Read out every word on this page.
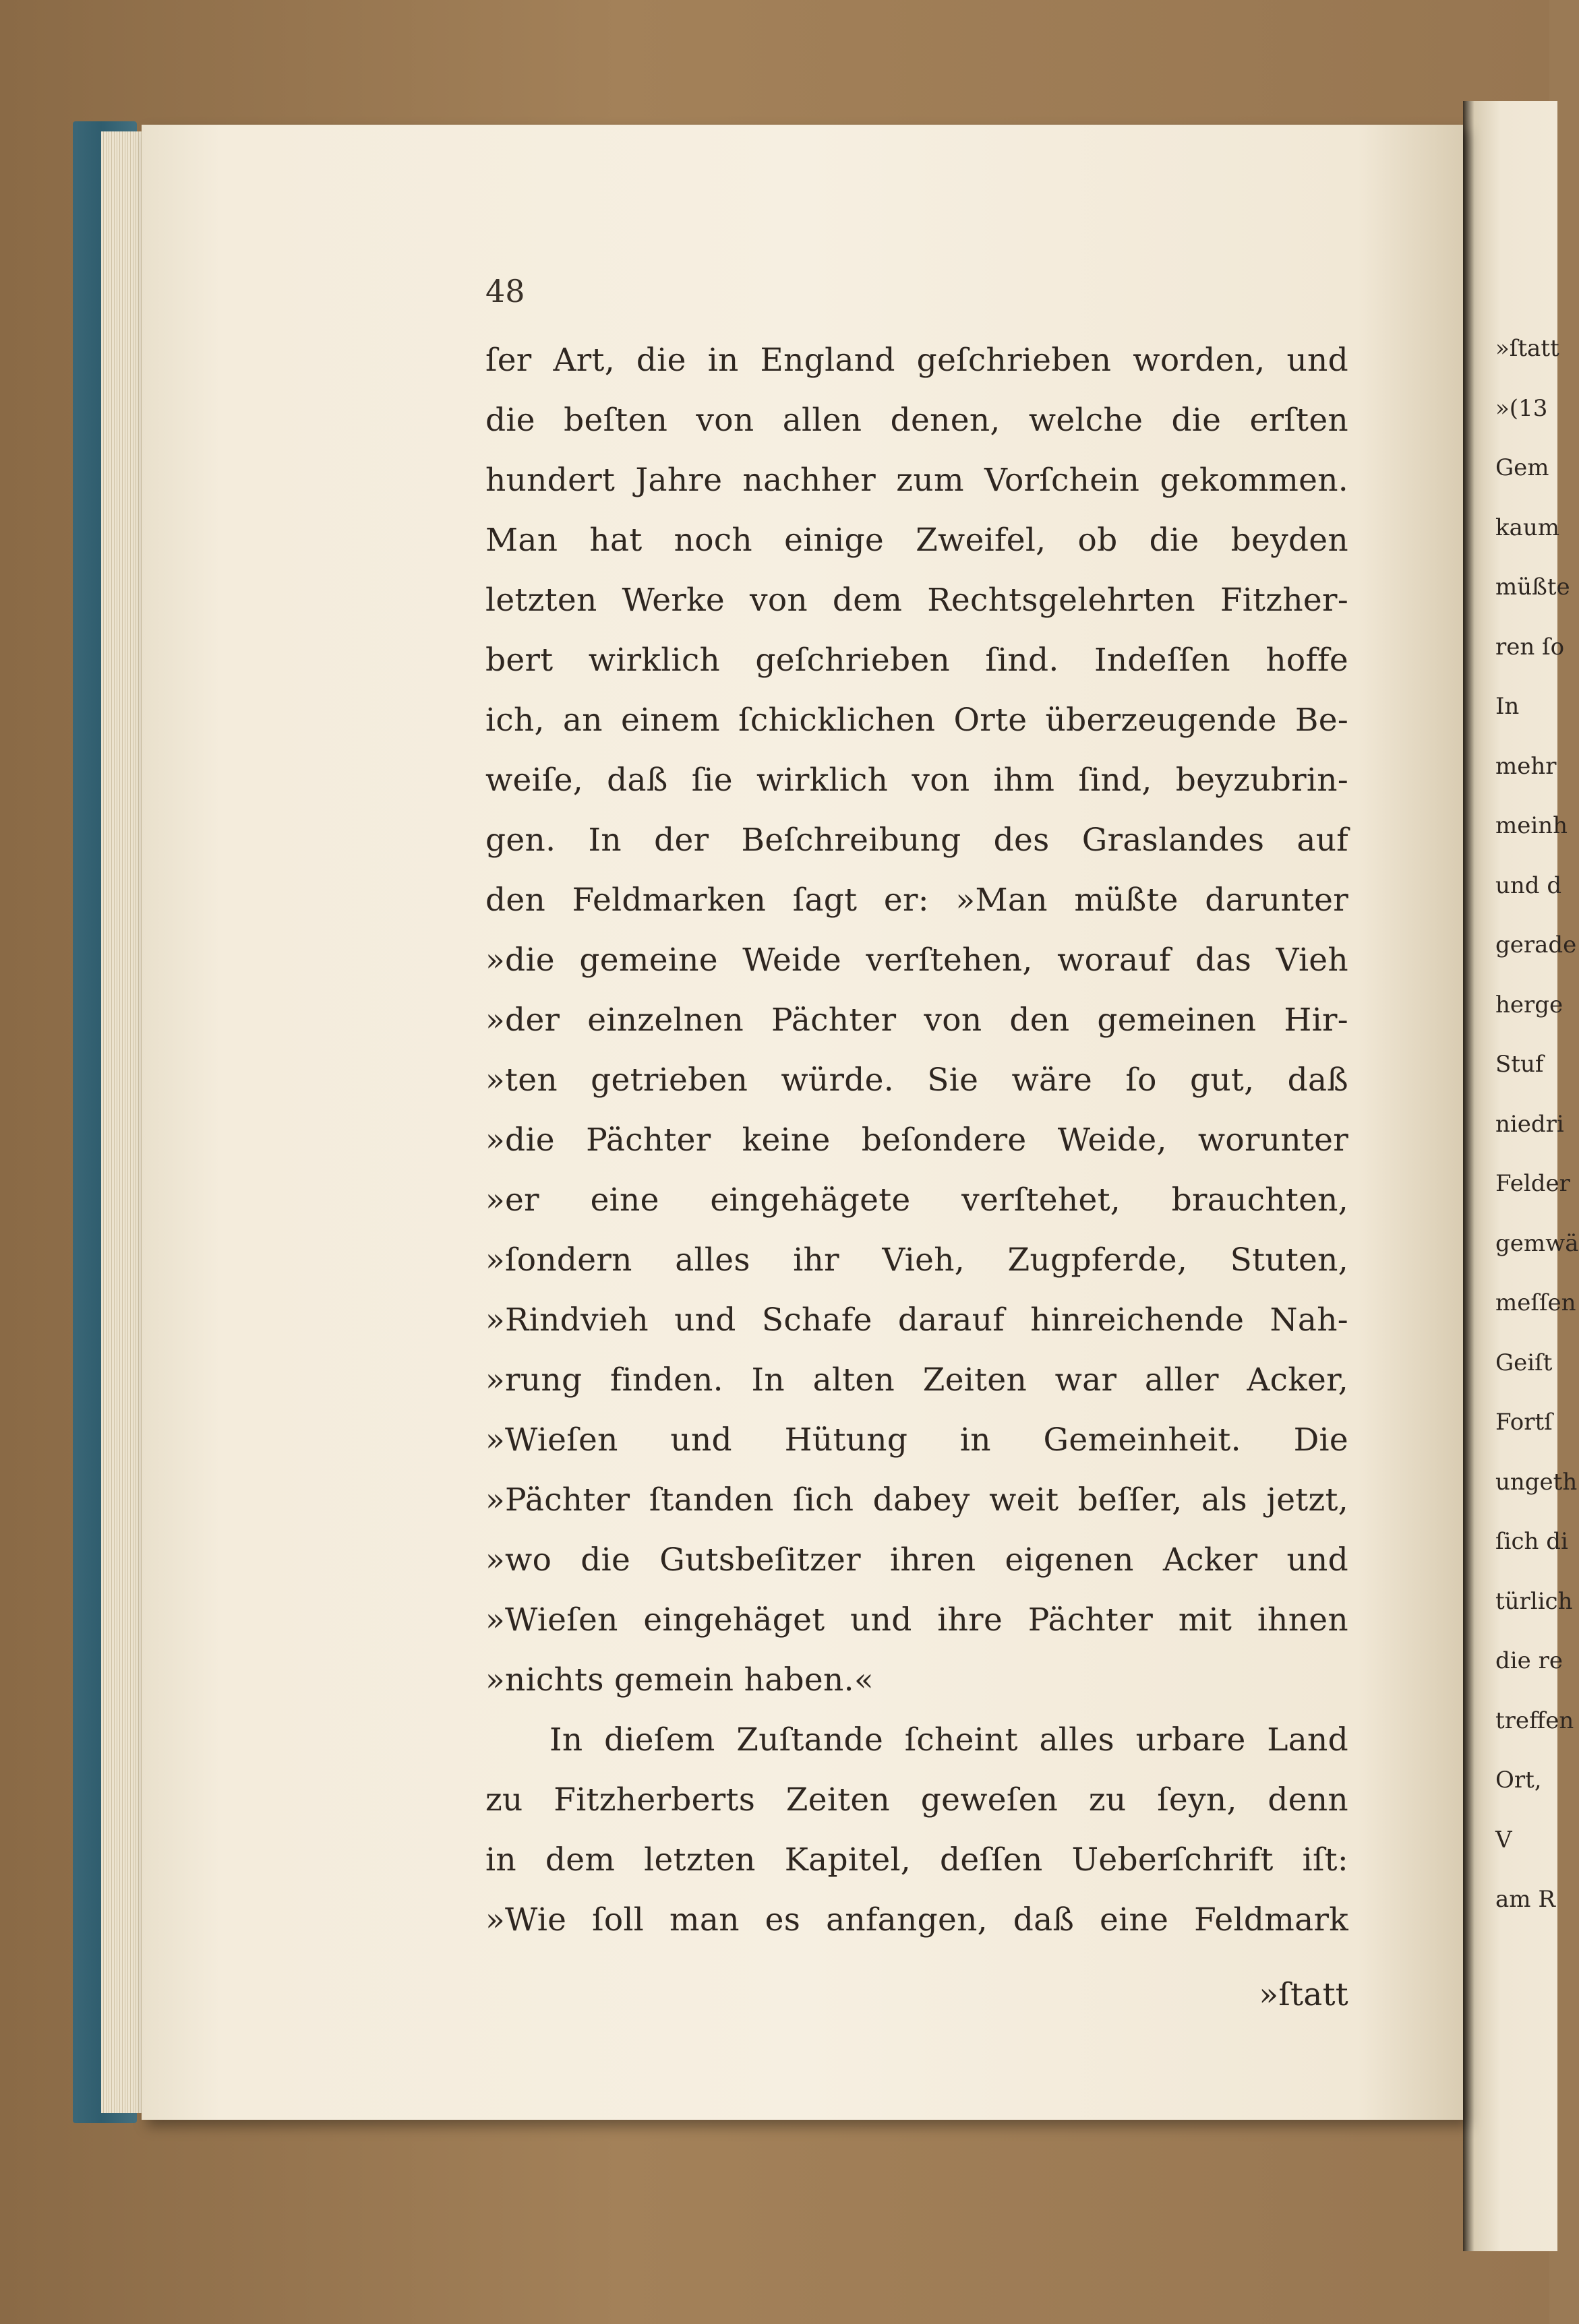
48
ſer Art, die in England geſchrieben worden, und
die beſten von allen denen, welche die erſten
hundert Jahre nachher zum Vorſchein gekommen.
Man hat noch einige Zweifel, ob die beyden
letzten Werke von dem Rechtsgelehrten Fitzher-
bert wirklich geſchrieben ſind. Indeſſen hoffe
ich, an einem ſchicklichen Orte überzeugende Be-
weiſe, daß ſie wirklich von ihm ſind, beyzubrin-
gen. In der Beſchreibung des Graslandes auf
den Feldmarken ſagt er: »Man müßte darunter
»die gemeine Weide verſtehen, worauf das Vieh
»der einzelnen Pächter von den gemeinen Hir-
»ten getrieben würde. Sie wäre ſo gut, daß
»die Pächter keine beſondere Weide, worunter
»er eine eingehägete verſtehet, brauchten,
»ſondern alles ihr Vieh, Zugpferde, Stuten,
»Rindvieh und Schafe darauf hinreichende Nah-
»rung finden. In alten Zeiten war aller Acker,
»Wieſen und Hütung in Gemeinheit. Die
»Pächter ſtanden ſich dabey weit beſſer, als jetzt,
»wo die Gutsbeſitzer ihren eigenen Acker und
»Wieſen eingehäget und ihre Pächter mit ihnen
»nichts gemein haben.«
In dieſem Zuſtande ſcheint alles urbare Land
zu Fitzherberts Zeiten geweſen zu ſeyn, denn
in dem letzten Kapitel, deſſen Ueberſchrift iſt:
»Wie ſoll man es anfangen, daß eine Feldmark
»ſtatt
»ſtatt
»(13
Gem
kaum
müßte
ren ſo
In
mehr
meinh
und d
gerade
herge
Stuf
niedri
Felder
gemwä
meſſen
Geiſt
Fortſ
ungeth
ſich di
türlich
die re
treffen
Ort,
V
am R
